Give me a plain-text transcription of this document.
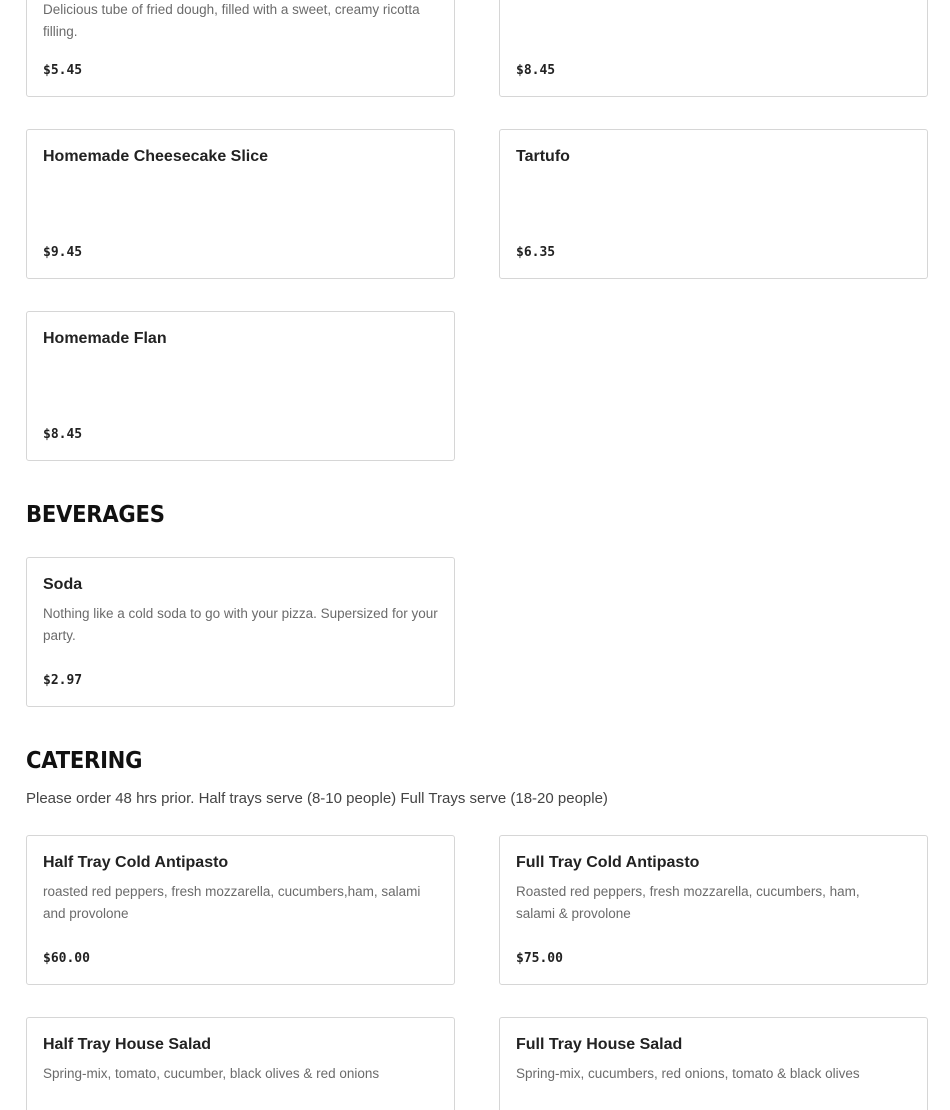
Delicious tube of fried dough, filled with a sweet, creamy ricotta filling.
$5.45	$8.45
Homemade Cheesecake Slice
$9.45
Tartufo
$6.35
Homemade Flan
$8.45
BEVERAGES
Soda
Nothing like a cold soda to go with your pizza. Supersized for your party.
$2.97
CATERING
Please order 48 hrs prior. Half trays serve (8-10 people) Full Trays serve (18-20 people)
Half Tray Cold Antipasto
roasted red peppers, fresh mozzarella, cucumbers,ham, salami and provolone
$60.00
Full Tray Cold Antipasto
Roasted red peppers, fresh mozzarella, cucumbers, ham, salami & provolone
$75.00
Half Tray House Salad
Spring-mix, tomato, cucumber, black olives & red onions
Full Tray House Salad
Spring-mix, cucumbers, red onions, tomato & black olives
